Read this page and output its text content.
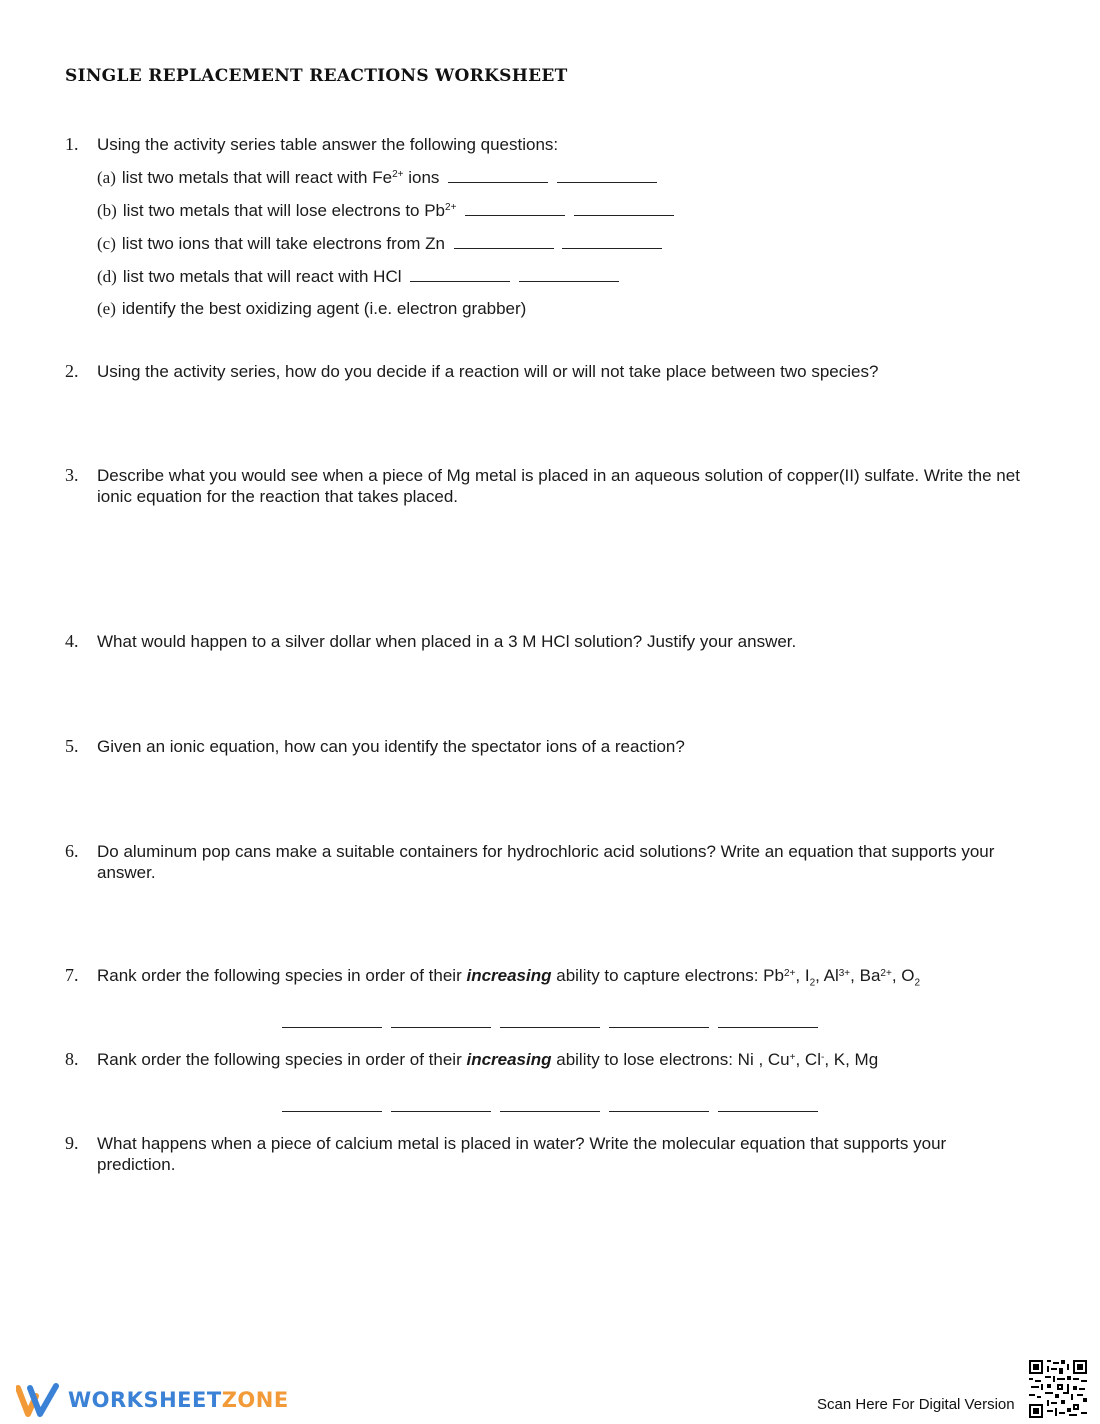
SINGLE REPLACEMENT REACTIONS WORKSHEET
1. Using the activity series table answer the following questions:
(a) list two metals that will react with $Fe^{2+}$ ions
(b) list two metals that will lose electrons to $Pb^{2+}$
(c) list two ions that will take electrons from Zn
(d) list two metals that will react with HCl
(e) identify the best oxidizing agent (i.e. electron grabber)
2. Using the activity series, how do you decide if a reaction will or will not take place between two species?
3. Describe what you would see when a piece of Mg metal is placed in an aqueous solution of copper(II) sulfate. Write the net ionic equation for the reaction that takes placed.
4. What would happen to a silver dollar when placed in a 3 M HCl solution? Justify your answer.
5. Given an ionic equation, how can you identify the spectator ions of a reaction?
6. Do aluminum pop cans make a suitable containers for hydrochloric acid solutions? Write an equation that supports your answer.
7. Rank order the following species in order of their increasing ability to capture electrons: $Pb^{2+}$, $I_2$, $Al^{3+}$, $Ba^{2+}$, $O_2$
8. Rank order the following species in order of their increasing ability to lose electrons: Ni , Cu+, Cl-, K, Mg
9. What happens when a piece of calcium metal is placed in water? Write the molecular equation that supports your prediction.
WORKSHEETZONE	Scan Here For Digital Version
